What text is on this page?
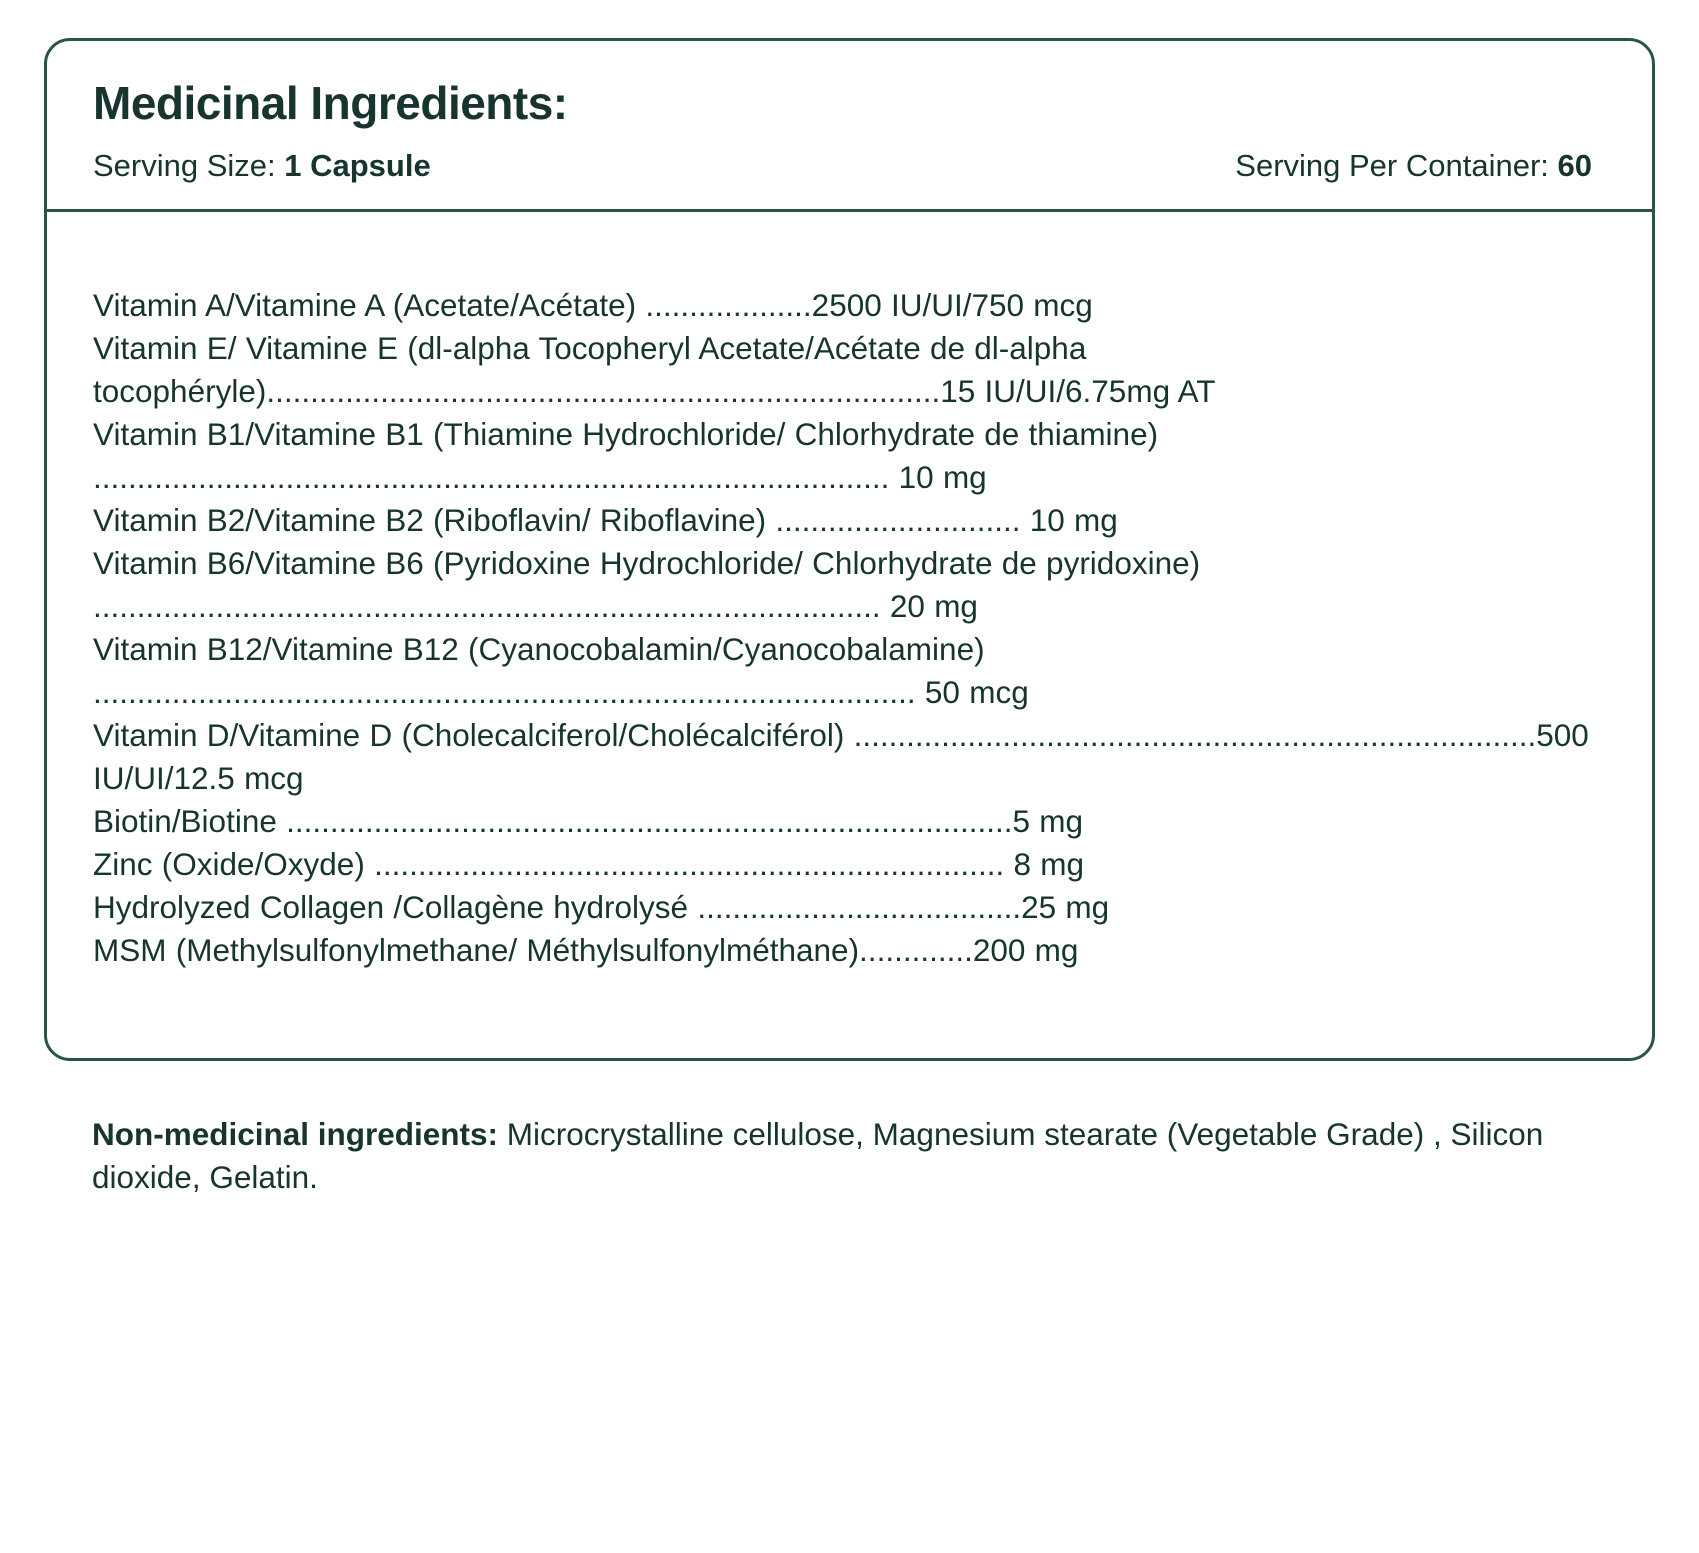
Medicinal Ingredients:
Serving Size: 1 Capsule	Serving Per Container: 60
Vitamin A/Vitamine A (Acetate/Acétate) ...................2500 IU/UI/750 mcg
Vitamin E/ Vitamine E (dl-alpha Tocopheryl Acetate/Acétate de dl-alpha tocophéryle).............................................................................15 IU/UI/6.75mg AT
Vitamin B1/Vitamine B1 (Thiamine Hydrochloride/ Chlorhydrate de thiamine) ........................................................................................... 10 mg
Vitamin B2/Vitamine B2 (Riboflavin/ Riboflavine) ............................ 10 mg
Vitamin B6/Vitamine B6 (Pyridoxine Hydrochloride/ Chlorhydrate de pyridoxine) .......................................................................................... 20 mg
Vitamin B12/Vitamine B12 (Cyanocobalamin/Cyanocobalamine) .............................................................................................. 50 mcg
Vitamin D/Vitamine D (Cholecalciferol/Cholécalciférol) ..............................................................................500 IU/UI/12.5 mcg
Biotin/Biotine ...................................................................................5 mg
Zinc (Oxide/Oxyde) ........................................................................ 8 mg
Hydrolyzed Collagen /Collagène hydrolysé .....................................25 mg
MSM (Methylsulfonylmethane/ Méthylsulfonylméthane).............200 mg
Non-medicinal ingredients: Microcrystalline cellulose, Magnesium stearate (Vegetable Grade) , Silicon dioxide, Gelatin.
